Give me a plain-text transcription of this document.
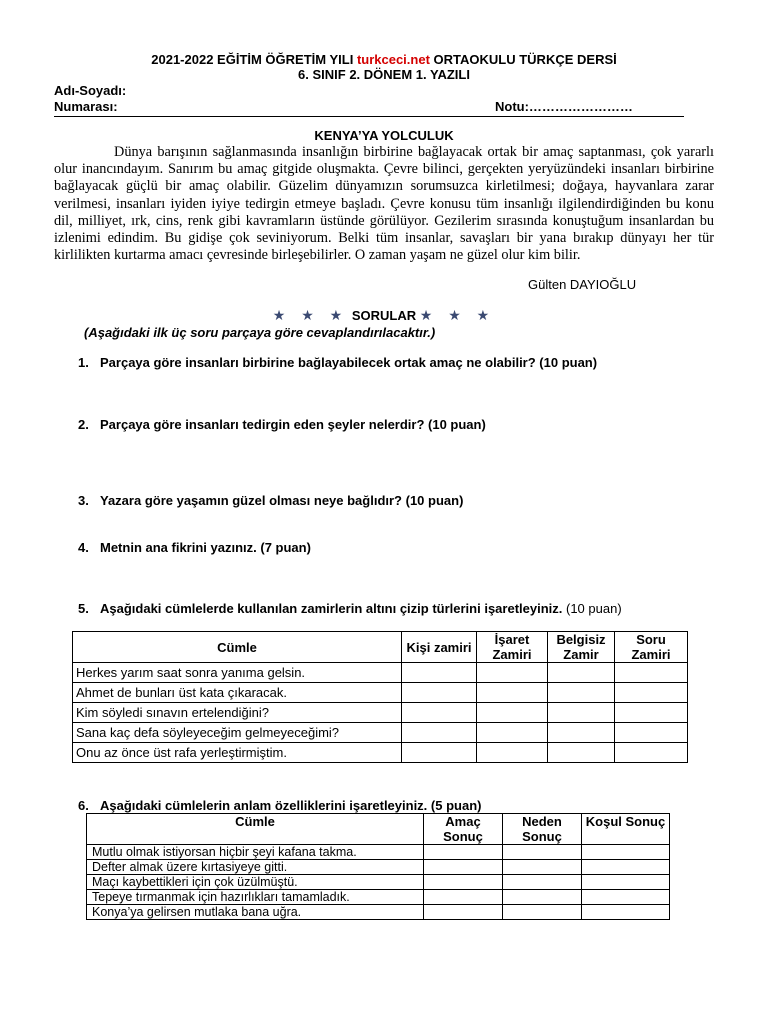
2021-2022 EĞİTİM ÖĞRETİM YILI turkceci.net ORTAOKULU TÜRKÇE DERSİ
6. SINIF 2. DÖNEM 1. YAZILI
Adı-Soyadı:
Numarası:	Notu:……………………
KENYA’YA YOLCULUK

Dünya barışının sağlanmasında insanlığın birbirine bağlayacak ortak bir amaç saptanması, çok yararlı olur inancındayım. Sanırım bu amaç gitgide oluşmakta. Çevre bilinci, gerçekten yeryüzündeki insanları birbirine bağlayacak güçlü bir amaç olabilir. Güzelim dünyamızın sorumsuzca kirletilmesi; doğaya, hayvanlara zarar verilmesi, insanları iyiden iyiye tedirgin etmeye başladı. Çevre konusu tüm insanlığı ilgilendirdiğinden bu konu dil, milliyet, ırk, cins, renk gibi kavramların üstünde görülüyor. Gezilerim sırasında konuştuğum insanlardan bu izlenimi edindim. Bu gidişe çok seviniyorum. Belki tüm insanlar, savaşları bir yana bırakıp dünyayı her tür kirlilikten kurtarma amacı çevresinde birleşebilirler. O zaman yaşam ne güzel olur kim bilir.

Gülten DAYIOĞLU
★ ★ ★ SORULAR ★ ★ ★
(Aşağıdaki ilk üç soru parçaya göre cevaplandırılacaktır.)
1. Parçaya göre insanları birbirine bağlayabilecek ortak amaç ne olabilir? (10 puan)
2. Parçaya göre insanları tedirgin eden şeyler nelerdir? (10 puan)
3. Yazara göre yaşamın güzel olması neye bağlıdır? (10 puan)
4. Metnin ana fikrini yazınız. (7 puan)
5. Aşağıdaki cümlelerde kullanılan zamirlerin altını çizip türlerini işaretleyiniz. (10 puan)
Cümle	Kişi zamiri	İşaret Zamiri	Belgisiz Zamir	Soru Zamiri
Herkes yarım saat sonra yanıma gelsin.				
Ahmet de bunları üst kata çıkaracak.				
Kim söyledi sınavın ertelendiğini?				
Sana kaç defa söyleyeceğim gelmeyeceğimi?				
Onu az önce üst rafa yerleştirmiştim.				
6. Aşağıdaki cümlelerin anlam özelliklerini işaretleyiniz. (5 puan)
Cümle	Amaç Sonuç	Neden Sonuç	Koşul Sonuç
Mutlu olmak istiyorsan hiçbir şeyi kafana takma.			
Defter almak üzere kırtasiyeye gitti.			
Maçı kaybettikleri için çok üzülmüştü.			
Tepeye tırmanmak için hazırlıkları tamamladık.			
Konya’ya gelirsen mutlaka bana uğra.			
